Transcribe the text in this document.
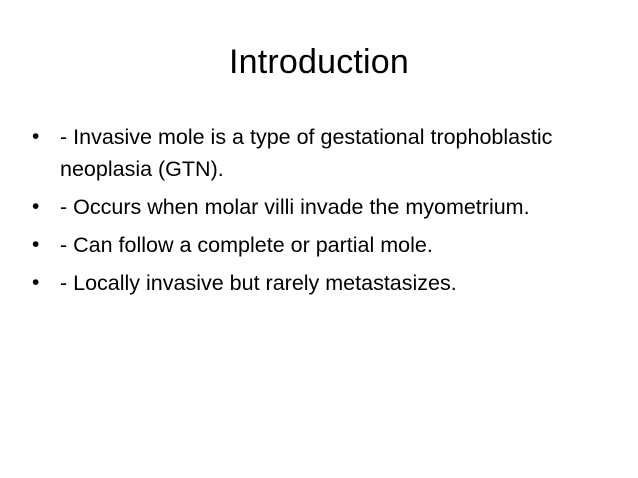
Introduction
• - Invasive mole is a type of gestational trophoblastic neoplasia (GTN).
• - Occurs when molar villi invade the myometrium.
• - Can follow a complete or partial mole.
• - Locally invasive but rarely metastasizes.
